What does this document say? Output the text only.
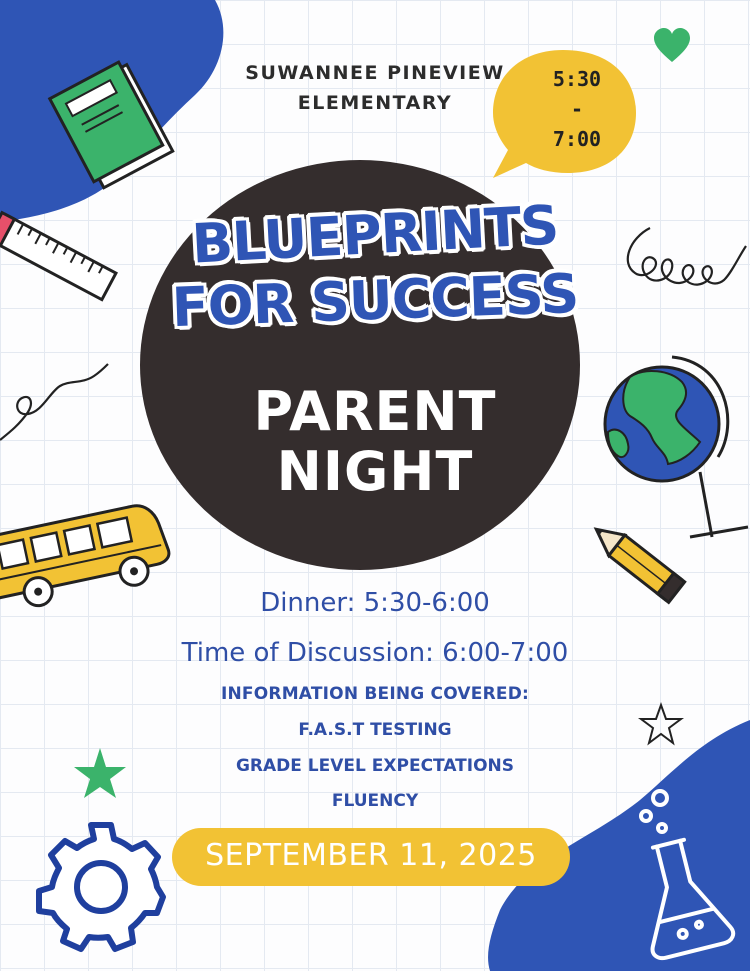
5:30
-
7:00
SUWANNEE PINEVIEW
ELEMENTARY
BLUEPRINTS
FOR SUCCESS
PARENT
NIGHT
Dinner: 5:30-6:00
Time of Discussion: 6:00-7:00
INFORMATION BEING COVERED:
F.A.S.T TESTING
GRADE LEVEL EXPECTATIONS
FLUENCY
SEPTEMBER 11, 2025
